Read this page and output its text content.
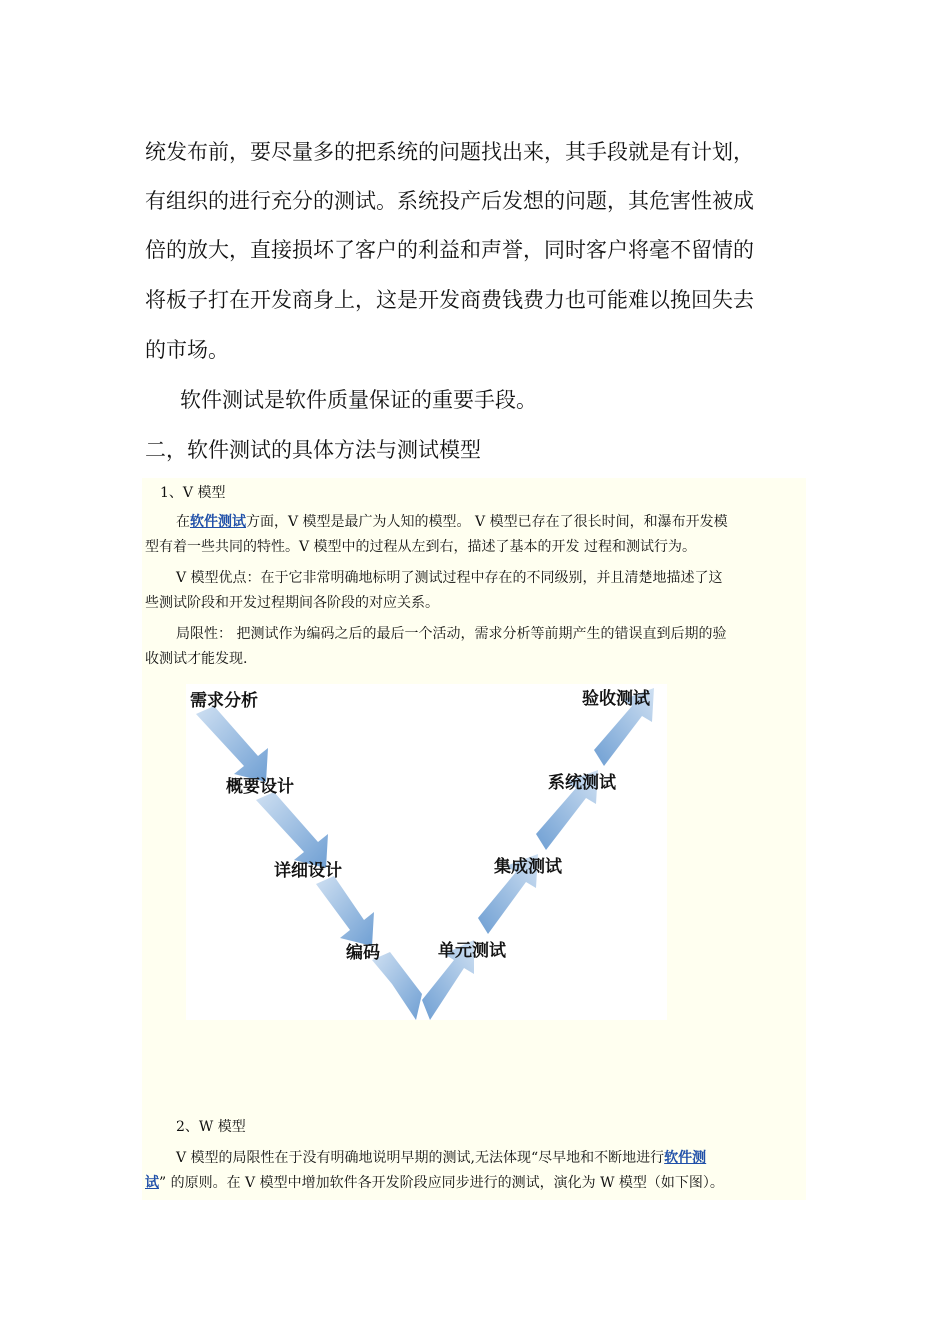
统发布前，要尽量多的把系统的问题找出来，其手段就是有计划，
有组织的进行充分的测试。系统投产后发想的问题，其危害性被成
倍的放大，直接损坏了客户的利益和声誉，同时客户将毫不留情的
将板子打在开发商身上，这是开发商费钱费力也可能难以挽回失去
的市场。
软件测试是软件质量保证的重要手段。
二，软件测试的具体方法与测试模型
1、V 模型
在软件测试方面，V 模型是最广为人知的模型。 V 模型已存在了很长时间，和瀑布开发模
型有着一些共同的特性。V 模型中的过程从左到右，描述了基本的开发 过程和测试行为。
V 模型优点：在于它非常明确地标明了测试过程中存在的不同级别，并且清楚地描述了这
些测试阶段和开发过程期间各阶段的对应关系。
局限性： 把测试作为编码之后的最后一个活动，需求分析等前期产生的错误直到后期的验
收测试才能发现.
需求分析
概要设计
详细设计
编码	单元测试
集成测试
系统测试
验收测试
2、W 模型
V 模型的局限性在于没有明确地说明早期的测试,无法体现“尽早地和不断地进行软件测
试” 的原则。在 V 模型中增加软件各开发阶段应同步进行的测试，演化为 W 模型（如下图）。
